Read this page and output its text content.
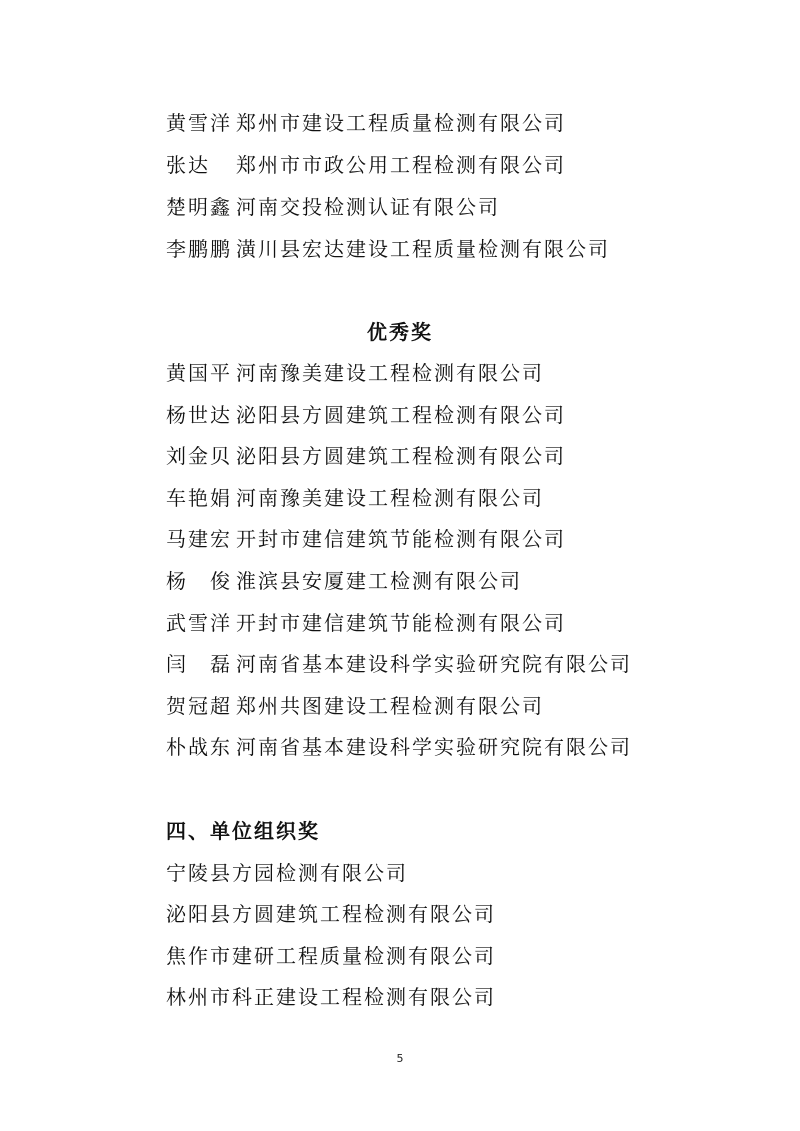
黄雪洋 郑州市建设工程质量检测有限公司
张达 郑州市市政公用工程检测有限公司
楚明鑫 河南交投检测认证有限公司
李鹏鹏 潢川县宏达建设工程质量检测有限公司
优秀奖
黄国平 河南豫美建设工程检测有限公司
杨世达 泌阳县方圆建筑工程检测有限公司
刘金贝 泌阳县方圆建筑工程检测有限公司
车艳娟 河南豫美建设工程检测有限公司
马建宏 开封市建信建筑节能检测有限公司
杨　俊 淮滨县安厦建工检测有限公司
武雪洋 开封市建信建筑节能检测有限公司
闫　磊 河南省基本建设科学实验研究院有限公司
贺冠超 郑州共图建设工程检测有限公司
朴战东 河南省基本建设科学实验研究院有限公司
四、单位组织奖
宁陵县方园检测有限公司
泌阳县方圆建筑工程检测有限公司
焦作市建研工程质量检测有限公司
林州市科正建设工程检测有限公司
5
